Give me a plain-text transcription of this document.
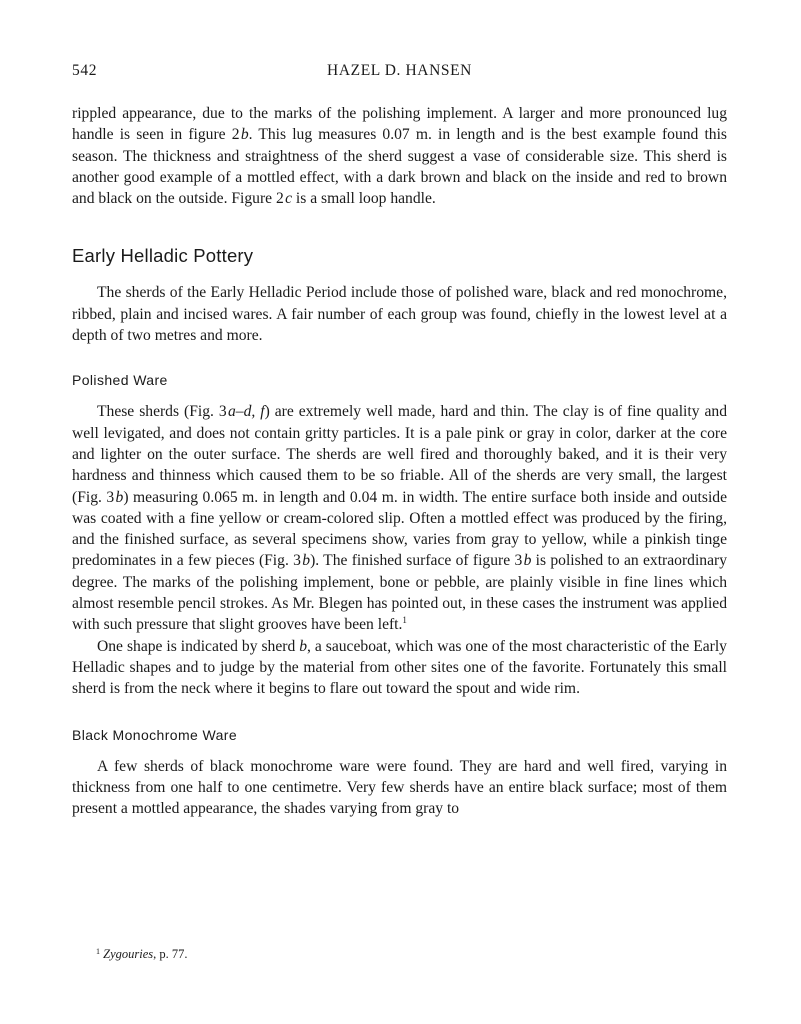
542	HAZEL D. HANSEN

rippled appearance, due to the marks of the polishing implement. A larger and more pronounced lug handle is seen in figure 2 b. This lug measures 0.07 m. in length and is the best example found this season. The thickness and straightness of the sherd suggest a vase of considerable size. This sherd is another good example of a mottled effect, with a dark brown and black on the inside and red to brown and black on the outside. Figure 2 c is a small loop handle.

Early Helladic Pottery

The sherds of the Early Helladic Period include those of polished ware, black and red monochrome, ribbed, plain and incised wares. A fair number of each group was found, chiefly in the lowest level at a depth of two metres and more.

Polished Ware

These sherds (Fig. 3 a–d, f) are extremely well made, hard and thin. The clay is of fine quality and well levigated, and does not contain gritty particles. It is a pale pink or gray in color, darker at the core and lighter on the outer surface. The sherds are well fired and thoroughly baked, and it is their very hardness and thinness which caused them to be so friable. All of the sherds are very small, the largest (Fig. 3 b) measuring 0.065 m. in length and 0.04 m. in width. The entire surface both inside and outside was coated with a fine yellow or cream-colored slip. Often a mottled effect was produced by the firing, and the finished surface, as several specimens show, varies from gray to yellow, while a pinkish tinge predominates in a few pieces (Fig. 3 b). The finished surface of figure 3 b is polished to an extraordinary degree. The marks of the polishing implement, bone or pebble, are plainly visible in fine lines which almost resemble pencil strokes. As Mr. Blegen has pointed out, in these cases the instrument was applied with such pressure that slight grooves have been left.$^1$

One shape is indicated by sherd b, a sauceboat, which was one of the most characteristic of the Early Helladic shapes and to judge by the material from other sites one of the favorite. Fortunately this small sherd is from the neck where it begins to flare out toward the spout and wide rim.

Black Monochrome Ware

A few sherds of black monochrome ware were found. They are hard and well fired, varying in thickness from one half to one centimetre. Very few sherds have an entire black surface; most of them present a mottled appearance, the shades varying from gray to

$^1$ Zygouries, p. 77.
